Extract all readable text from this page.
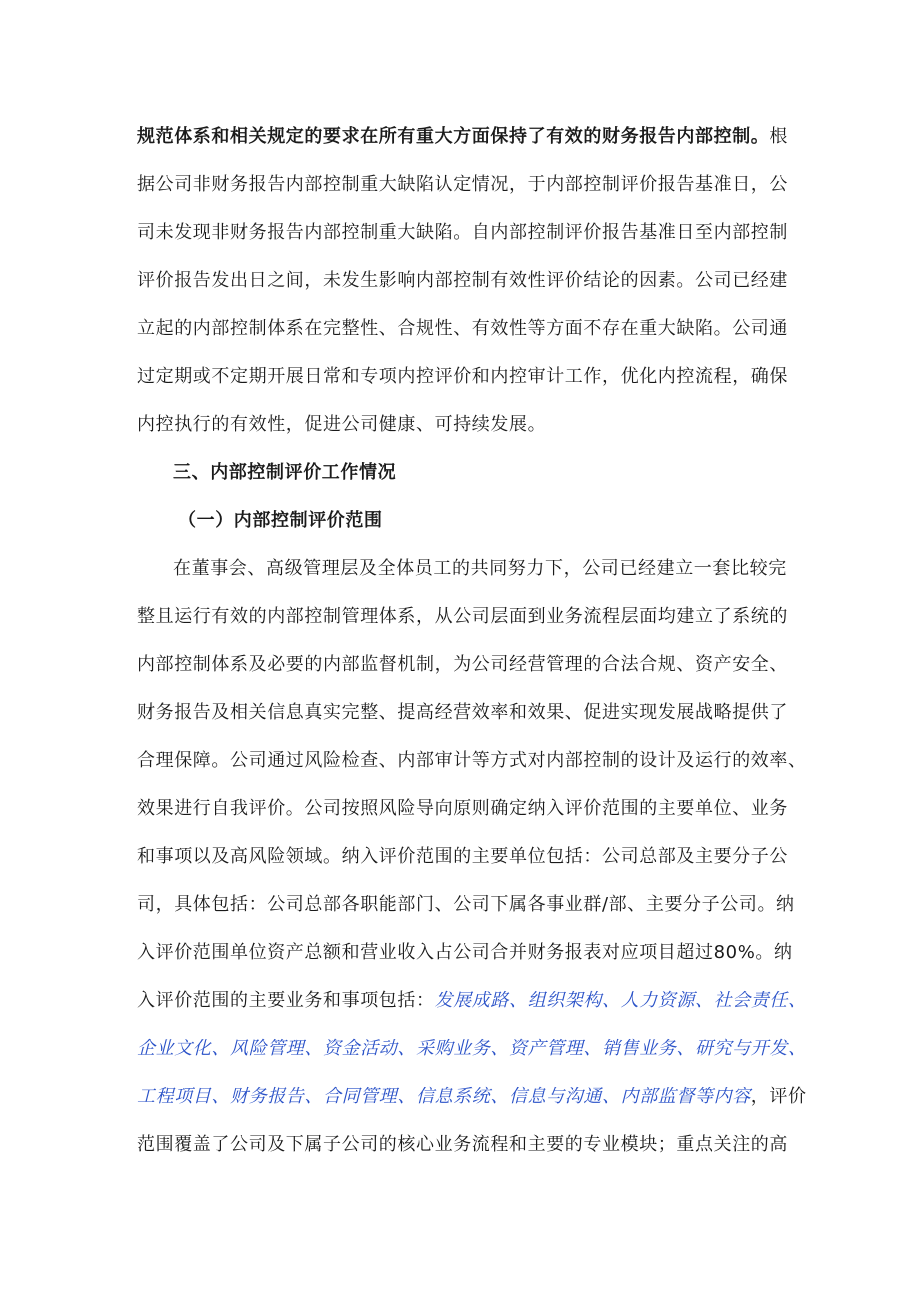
规范体系和相关规定的要求在所有重大方面保持了有效的财务报告内部控制。根
据公司非财务报告内部控制重大缺陷认定情况，于内部控制评价报告基准日，公
司未发现非财务报告内部控制重大缺陷。自内部控制评价报告基准日至内部控制
评价报告发出日之间，未发生影响内部控制有效性评价结论的因素。公司已经建
立起的内部控制体系在完整性、合规性、有效性等方面不存在重大缺陷。公司通
过定期或不定期开展日常和专项内控评价和内控审计工作，优化内控流程，确保
内控执行的有效性，促进公司健康、可持续发展。
三、内部控制评价工作情况
（一）内部控制评价范围
在董事会、高级管理层及全体员工的共同努力下，公司已经建立一套比较完
整且运行有效的内部控制管理体系，从公司层面到业务流程层面均建立了系统的
内部控制体系及必要的内部监督机制，为公司经营管理的合法合规、资产安全、
财务报告及相关信息真实完整、提高经营效率和效果、促进实现发展战略提供了
合理保障。公司通过风险检查、内部审计等方式对内部控制的设计及运行的效率、
效果进行自我评价。公司按照风险导向原则确定纳入评价范围的主要单位、业务
和事项以及高风险领域。纳入评价范围的主要单位包括：公司总部及主要分子公
司，具体包括：公司总部各职能部门、公司下属各事业群/部、主要分子公司。纳
入评价范围单位资产总额和营业收入占公司合并财务报表对应项目超过80%。纳
入评价范围的主要业务和事项包括：发展成路、组织架构、人力资源、社会责任、
企业文化、风险管理、资金活动、采购业务、资产管理、销售业务、研究与开发、
工程项目、财务报告、合同管理、信息系统、信息与沟通、内部监督等内容，评价
范围覆盖了公司及下属子公司的核心业务流程和主要的专业模块；重点关注的高
